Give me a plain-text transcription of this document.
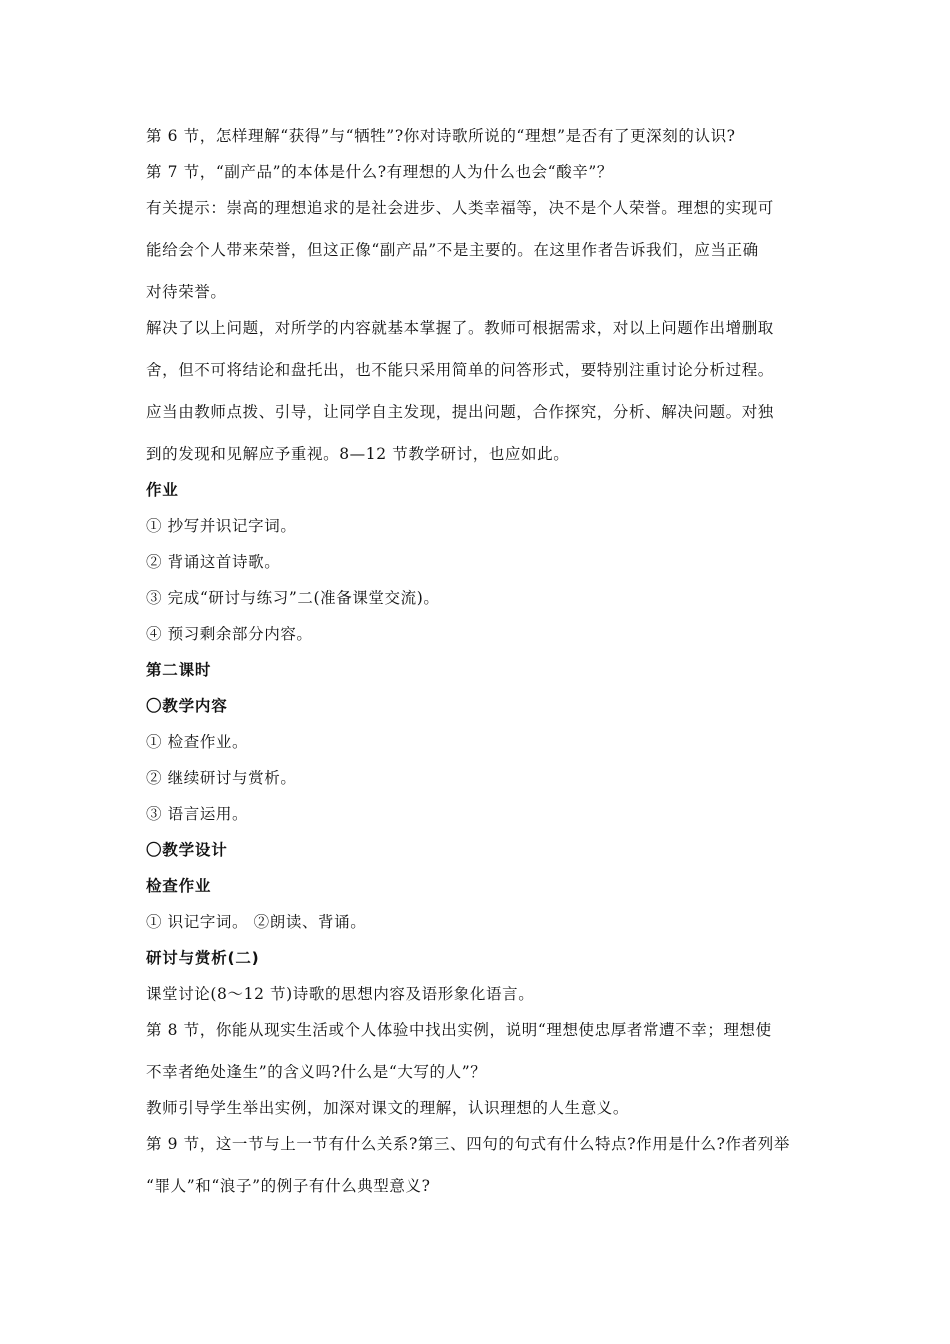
第 6 节，怎样理解“获得”与“牺牲”?你对诗歌所说的“理想”是否有了更深刻的认识?
第 7 节，“副产品”的本体是什么?有理想的人为什么也会“酸辛”？
有关提示：崇高的理想追求的是社会进步、人类幸福等，决不是个人荣誉。理想的实现可
能给会个人带来荣誉，但这正像“副产品”不是主要的。在这里作者告诉我们，应当正确
对待荣誉。
解决了以上问题，对所学的内容就基本掌握了。教师可根据需求，对以上问题作出增删取
舍，但不可将结论和盘托出，也不能只采用简单的问答形式，要特别注重讨论分析过程。
应当由教师点拨、引导，让同学自主发现，提出问题，合作探究，分析、解决问题。对独
到的发现和见解应予重视。8—12 节教学研讨，也应如此。
作业
① 抄写并识记字词。
② 背诵这首诗歌。
③ 完成“研讨与练习”二(准备课堂交流)。
④ 预习剩余部分内容。
第二课时
〇教学内容
① 检查作业。
② 继续研讨与赏析。
③ 语言运用。
〇教学设计
检查作业
① 识记字词。 ②朗读、背诵。
研讨与赏析(二)
课堂讨论(8～12 节)诗歌的思想内容及语形象化语言。
第 8 节，你能从现实生活或个人体验中找出实例，说明“理想使忠厚者常遭不幸；理想使
不幸者绝处逢生”的含义吗?什么是“大写的人”？
教师引导学生举出实例，加深对课文的理解，认识理想的人生意义。
第 9 节，这一节与上一节有什么关系?第三、四句的句式有什么特点?作用是什么?作者列举
“罪人”和“浪子”的例子有什么典型意义?
